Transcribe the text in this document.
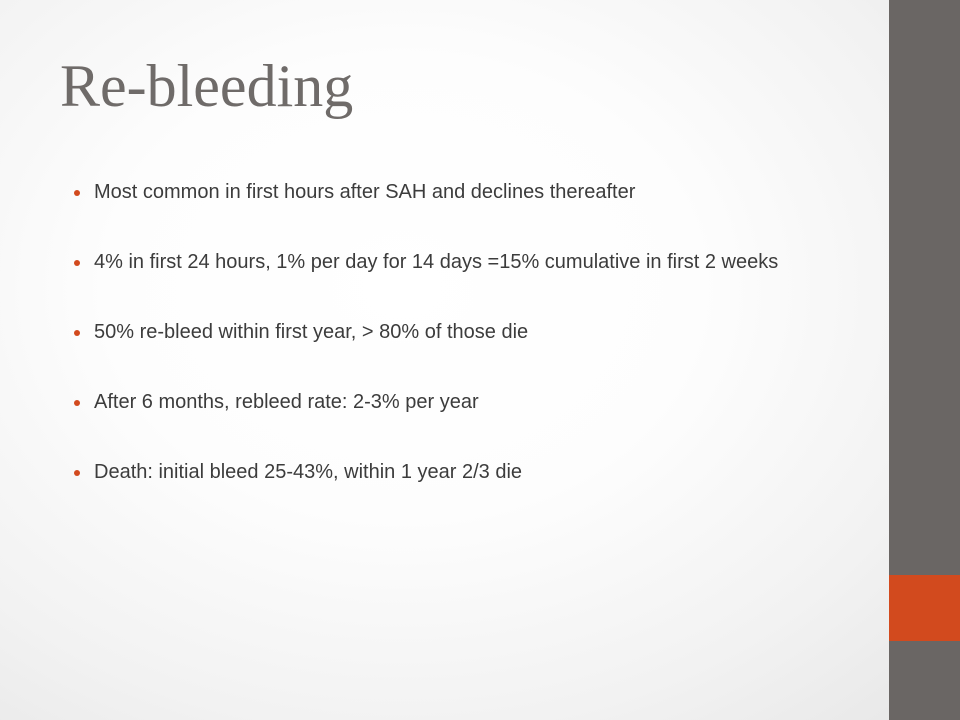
Re-bleeding
Most common in first hours after SAH and declines thereafter
4% in first 24 hours, 1% per day for 14 days =15% cumulative in first 2 weeks
50% re-bleed within first year, > 80% of those die
After 6 months, rebleed rate: 2-3% per year
Death: initial bleed 25-43%, within 1 year 2/3 die
